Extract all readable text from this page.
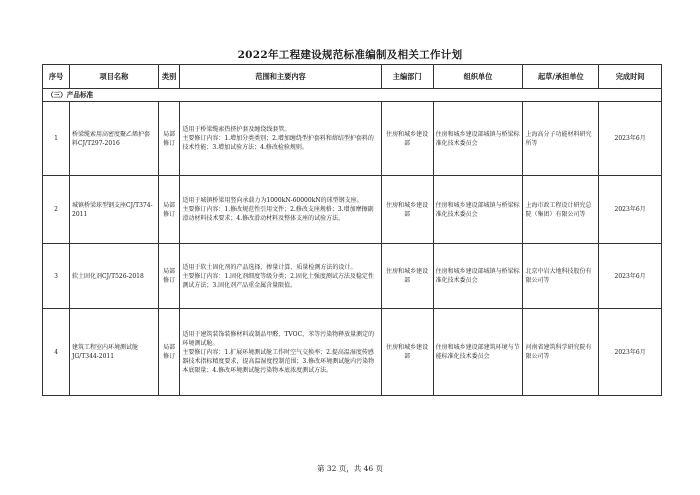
2022年工程建设规范标准编制及相关工作计划
序号	项目名称	类别	范围和主要内容	主编部门	组织单位	起草/承担单位	完成时间
（三）产品标准							
1	桥梁缆索用高密度聚乙烯护套料CJ/T297-2016	局部修订	适用于桥梁缆索热挤护套及缠绕线套管。
主要修订内容：1.增加分类类别；2.增加缠绕型护套料和熔结型护套料的技术性能；3.增加试验方法；4.修改检验规则。	住房和城乡建设部	住房和城乡建设部城镇与桥梁标准化技术委员会	上海高分子功能材料研究所等	2023年6月
2	城镇桥梁球型钢支座CJ/T374-2011	局部修订	适用于城镇桥梁用竖向承载力为1000kN-60000kN的球型钢支座。
主要修订内容：1.修改规范性引用文件；2.修改支座规格；3.增加摩擦副滑动材料技术要求；4.修改滑动材料及整体支座的试验方法。	住房和城乡建设部	住房和城乡建设部城镇与桥梁标准化技术委员会	上海市政工程设计研究总院（集团）有限公司等	2023年6月
3	软土固化剂CJ/T526-2018	局部修订	适用于软土固化剂的产品选择、掺量计算、质量检测方法的设计。
主要修订内容：1.固化剂细度等级分类；2.固化土强度测试方法及稳定性测试方法；3.固化剂产品重金属含量限值。	住房和城乡建设部	住房和城乡建设部城镇与桥梁标准化技术委员会	北京中岩大地科技股份有限公司等	2023年6月
4	建筑工程室内环境测试舱JG/T344-2011	局部修订	适用于建筑装饰装修材料或制品甲醛、TVOC、苯等污染物释放量测定的环境测试舱。
主要修订内容：1.扩展环境测试舱工作时空气交换率；2.提高温湿度传感器技术指标精度要求，提高温湿度控制范围；3.修改环境测试舱内污染物本底限量；4.修改环境测试舱污染物本底浓度测试方法。	住房和城乡建设部	住房和城乡建设部建筑环境与节能标准化技术委员会	河南省建筑科学研究院有限公司等	2023年6月
第 32 页，共 46 页
